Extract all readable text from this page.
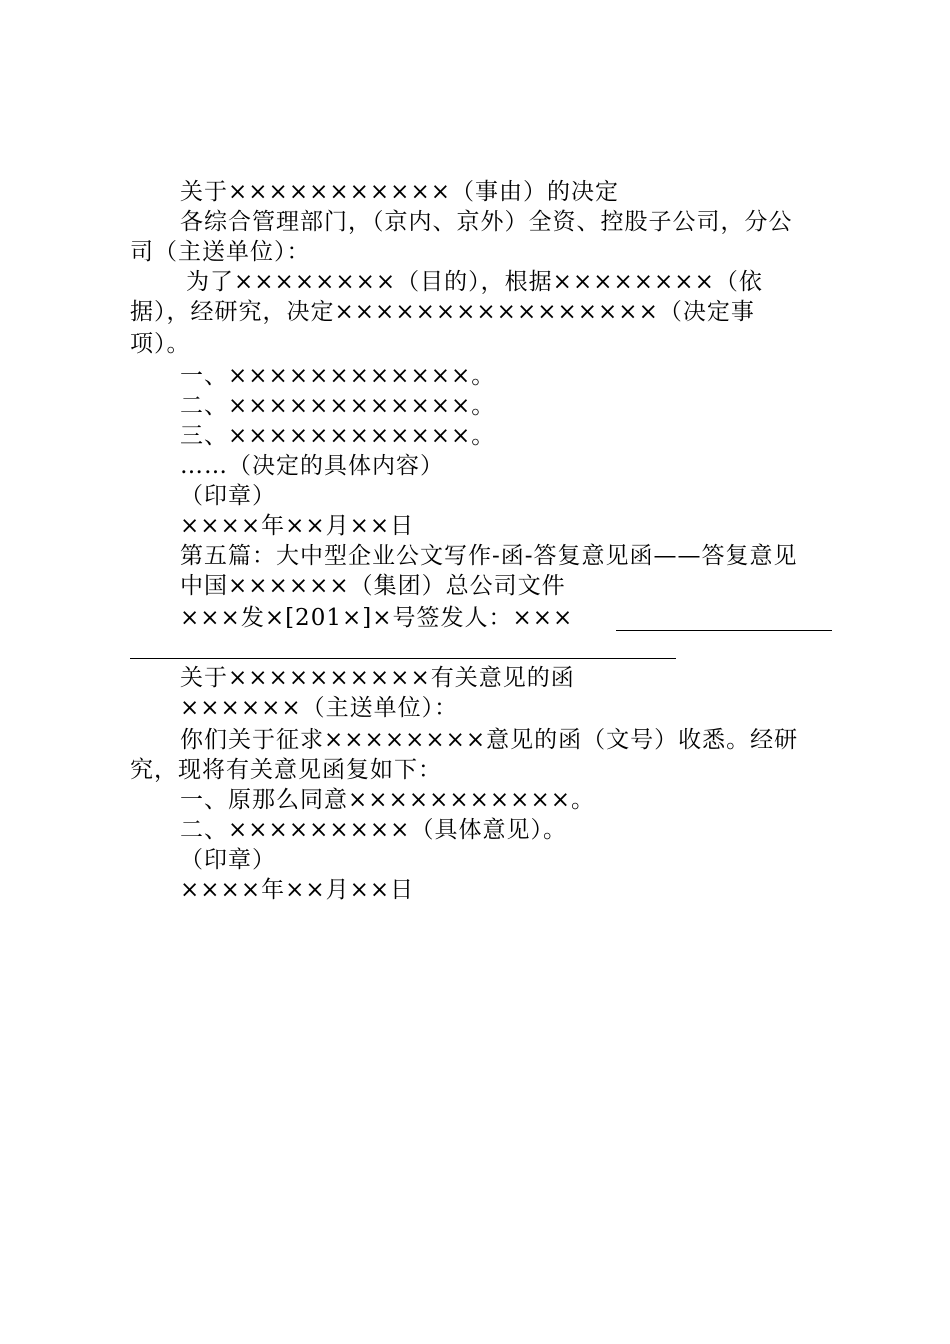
关于×××××××××××（事由）的决定
各综合管理部门，（京内、京外）全资、控股子公司，分公
司（主送单位）：
为了××××××××（目的），根据××××××××（依
据），经研究，决定××××××××××××××××（决定事
项）。
一、××××××××××××。
二、××××××××××××。
三、××××××××××××。
……（决定的具体内容）
（印章）
××××年××月××日
第五篇：大中型企业公文写作-函-答复意见函——答复意见
中国××××××（集团）总公司文件
×××发×[201×]×号签发人：×××
关于××××××××××有关意见的函
××××××（主送单位）：
你们关于征求××××××××意见的函（文号）收悉。经研
究，现将有关意见函复如下：
一、原那么同意×××××××××××。
二、×××××××××（具体意见）。
（印章）
××××年××月××日
